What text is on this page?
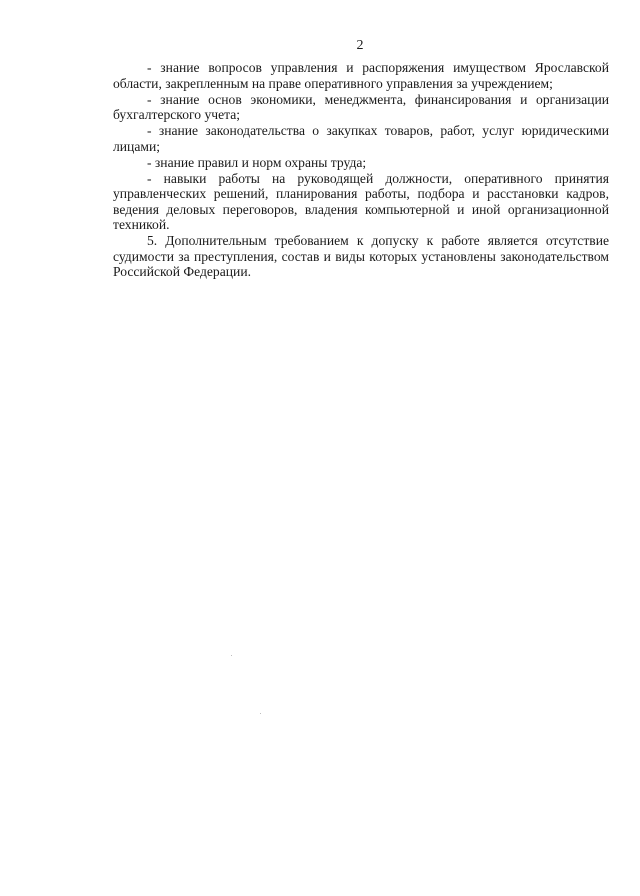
2

- знание вопросов управления и распоряжения имуществом Ярославской области, закрепленным на праве оперативного управления за учреждением;

- знание основ экономики, менеджмента, финансирования и организации бухгалтерского учета;

- знание законодательства о закупках товаров, работ, услуг юридическими лицами;

- знание правил и норм охраны труда;

- навыки работы на руководящей должности, оперативного принятия управленческих решений, планирования работы, подбора и расстановки кадров, ведения деловых переговоров, владения компьютерной и иной организационной техникой.

5. Дополнительным требованием к допуску к работе является отсутствие судимости за преступления, состав и виды которых установлены законодательством Российской Федерации.
